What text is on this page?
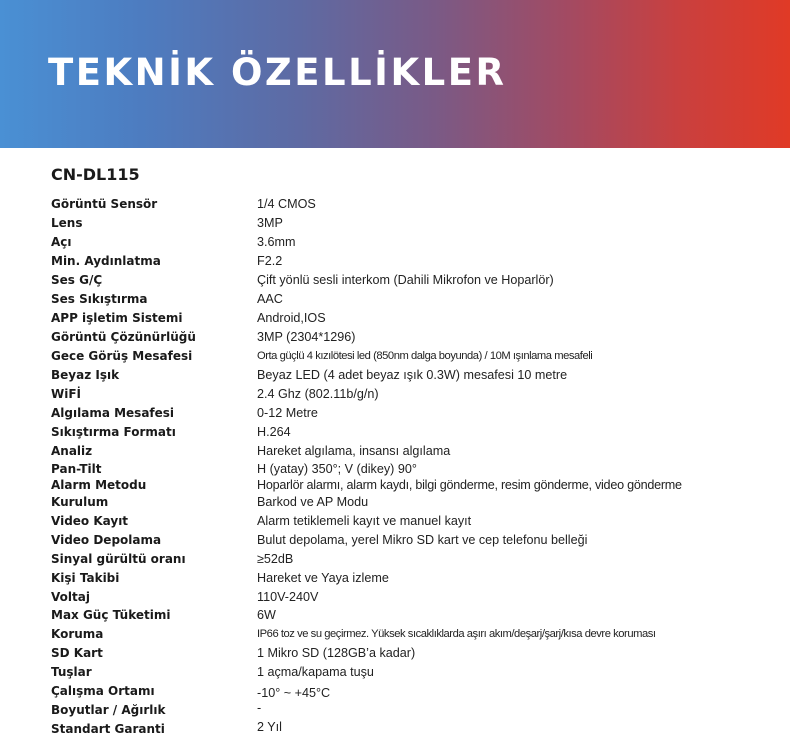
TEKNİK ÖZELLİKLER
CN-DL115
Görüntü Sensör	1/4 CMOS
Lens	3MP
Açı	3.6mm
Min. Aydınlatma	F2.2
Ses G/Ç	Çift yönlü sesli interkom (Dahili Mikrofon ve Hoparlör)
Ses Sıkıştırma	AAC
APP işletim Sistemi	Android,IOS
Görüntü Çözünürlüğü	3MP (2304*1296)
Gece Görüş Mesafesi	Orta güçlü 4 kızılötesi led (850nm dalga boyunda) / 10M ışınlama mesafeli
Beyaz Işık	Beyaz LED (4 adet beyaz ışık 0.3W) mesafesi 10 metre
WiFİ	2.4 Ghz (802.11b/g/n)
Algılama Mesafesi	0-12 Metre
Sıkıştırma Formatı	H.264
Analiz	Hareket algılama, insansı algılama
Pan-Tilt	H (yatay) 350°; V (dikey) 90°
Alarm Metodu	Hoparlör alarmı, alarm kaydı, bilgi gönderme, resim gönderme, video gönderme
Kurulum	Barkod ve AP Modu
Video Kayıt	Alarm tetiklemeli kayıt ve manuel kayıt
Video Depolama	Bulut depolama, yerel Mikro SD kart ve cep telefonu belleği
Sinyal gürültü oranı	≥52dB
Kişi Takibi	Hareket ve Yaya izleme
Voltaj	110V-240V
Max Güç Tüketimi	6W
Koruma	IP66 toz ve su geçirmez. Yüksek sıcaklıklarda aşırı akım/deşarj/şarj/kısa devre koruması
SD Kart	1 Mikro SD (128GB’a kadar)
Tuşlar	1 açma/kapama tuşu
Çalışma Ortamı	-10° ~ +45°C
Boyutlar / Ağırlık	-
Standart Garanti	2 Yıl
